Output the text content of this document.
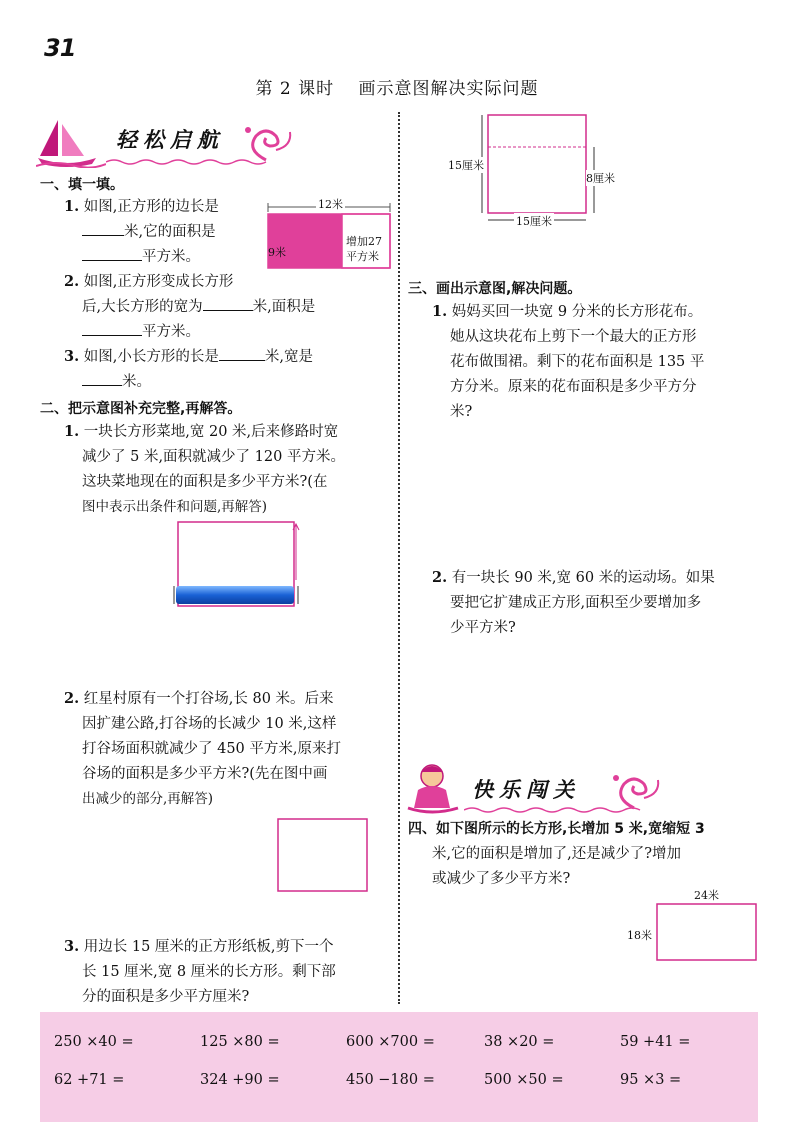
31
第 2 课时　 画示意图解决实际问题
轻松启航
一、填一填。
1. 如图,正方形的边长是
米,它的面积是
平方米。
12米
9米
增加27
平方米
2. 如图,正方形变成长方形
后,大长方形的宽为	米,面积是
平方米。
3. 如图,小长方形的长是	米,宽是
米。
二、把示意图补充完整,再解答。
1. 一块长方形菜地,宽 20 米,后来修路时宽
减少了 5 米,面积就减少了 120 平方米。
这块菜地现在的面积是多少平方米?(在
图中表示出条件和问题,再解答)
2. 红星村原有一个打谷场,长 80 米。后来
因扩建公路,打谷场的长减少 10 米,这样
打谷场面积就减少了 450 平方米,原来打
谷场的面积是多少平方米?(先在图中画
出减少的部分,再解答)
3. 用边长 15 厘米的正方形纸板,剪下一个
长 15 厘米,宽 8 厘米的长方形。剩下部
分的面积是多少平方厘米?
15厘米
8厘米
15厘米
三、画出示意图,解决问题。
1. 妈妈买回一块宽 9 分米的长方形花布。
她从这块花布上剪下一个最大的正方形
花布做围裙。剩下的花布面积是 135 平
方分米。原来的花布面积是多少平方分
米?
2. 有一块长 90 米,宽 60 米的运动场。如果
要把它扩建成正方形,面积至少要增加多
少平方米?
快乐闯关
四、如下图所示的长方形,长增加 5 米,宽缩短 3
米,它的面积是增加了,还是减少了?增加
或减少了多少平方米?
24米
18米
250 ×40 =	125 ×80 =	600 ×700 =	38 ×20 =	59 +41 =
62 +71 =	324 +90 =	450 −180 =	500 ×50 =	95 ×3 =
